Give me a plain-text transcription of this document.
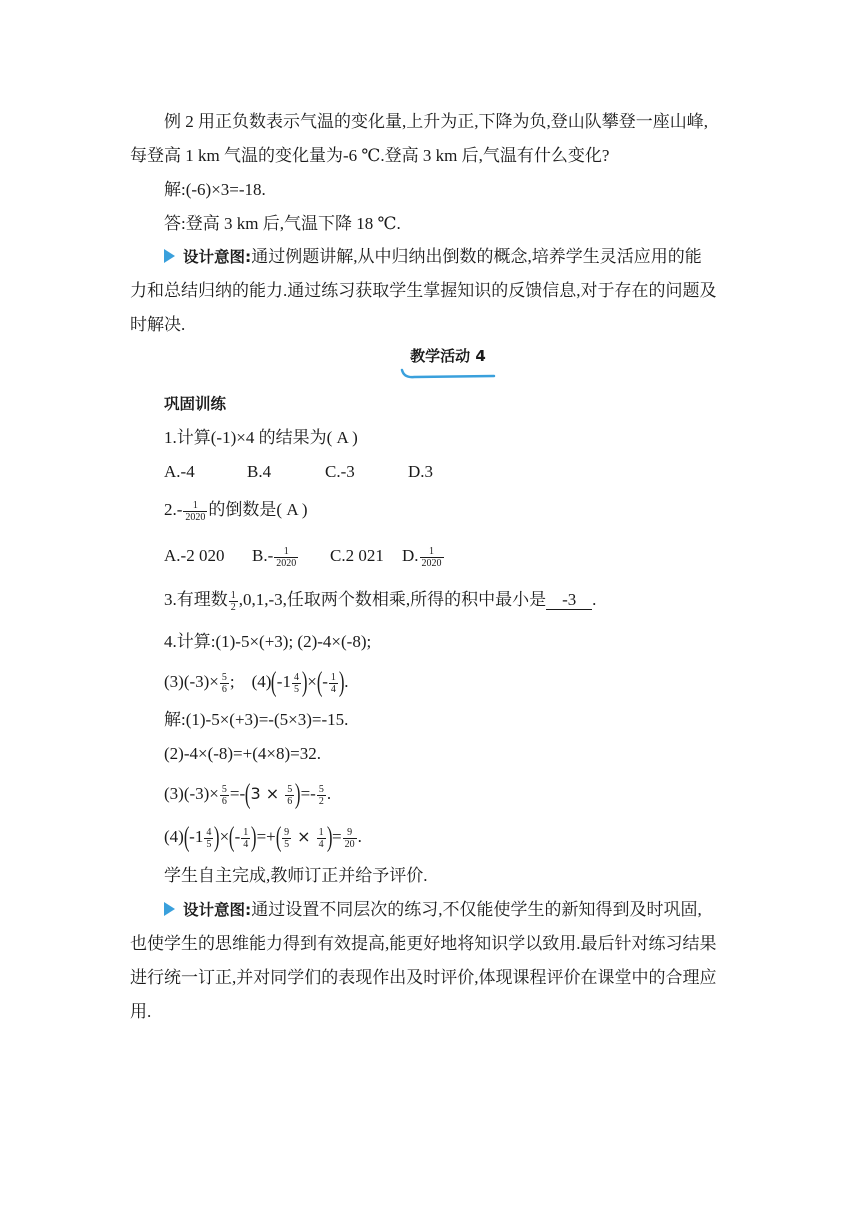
例 2 用正负数表示气温的变化量,上升为正,下降为负,登山队攀登一座山峰,
每登高 1 km 气温的变化量为-6 ℃.登高 3 km 后,气温有什么变化?
解:(-6)×3=-18.
答:登高 3 km 后,气温下降 18 ℃.
设计意图:通过例题讲解,从中归纳出倒数的概念,培养学生灵活应用的能
力和总结归纳的能力.通过练习获取学生掌握知识的反馈信息,对于存在的问题及
时解决.
教学活动 4
巩固训练
1.计算(-1)×4 的结果为( A )
A.-4	B.4	C.-3	D.3
$2.- \frac{1}{2020}$ 的倒数是( A )
A.-2 020 $B.- \frac{1}{2020} C.2$ 021 D. $\frac{1}{2020}$
3.有理数 $\frac{1}{2} ,0,1,-3$,任取两个数相乘,所得的积中最小是 -3 .
4.计算:(1)-5×(+3); (2)-4×(-8);
$(3)(-3)\times \frac{5}{6}$ ; $(4)(-1 \frac{4}{5}$ )×(- $\frac{1}{4}$ ).
解:(1)-5×(+3)=-(5×3)=-15.
(2)-4×(-8)=+(4×8)=32.
$(3)(-3)\times \frac{5}{6} =-(3 \times \frac{5}{6}$ )=- $\frac{5}{2}$ .
$(4)(-1 \frac{4}{5}$ )×(- $\frac{1}{4}$ )=+( $\frac{9}{5} \times \frac{1}{4}$ )= $\frac{9}{20}$ .
学生自主完成,教师订正并给予评价.
设计意图:通过设置不同层次的练习,不仅能使学生的新知得到及时巩固,
也使学生的思维能力得到有效提高,能更好地将知识学以致用.最后针对练习结果
进行统一订正,并对同学们的表现作出及时评价,体现课程评价在课堂中的合理应
用.
